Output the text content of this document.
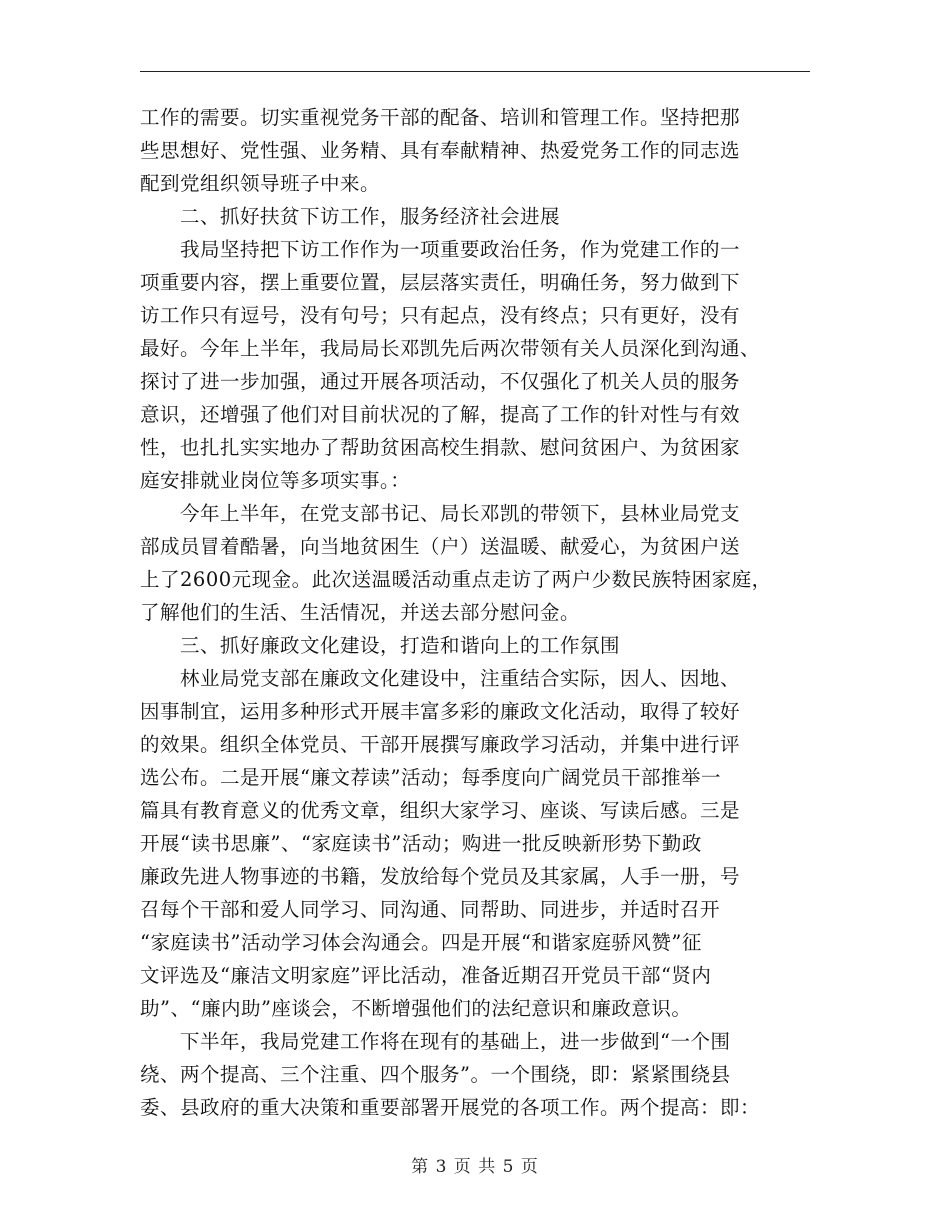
工作的需要。切实重视党务干部的配备、培训和管理工作。坚持把那
些思想好、党性强、业务精、具有奉献精神、热爱党务工作的同志选
配到党组织领导班子中来。
二、抓好扶贫下访工作，服务经济社会进展
我局坚持把下访工作作为一项重要政治任务，作为党建工作的一
项重要内容，摆上重要位置，层层落实责任，明确任务，努力做到下
访工作只有逗号，没有句号；只有起点，没有终点；只有更好，没有
最好。今年上半年，我局局长邓凯先后两次带领有关人员深化到沟通、
探讨了进一步加强，通过开展各项活动，不仅强化了机关人员的服务
意识，还增强了他们对目前状况的了解，提高了工作的针对性与有效
性，也扎扎实实地办了帮助贫困高校生捐款、慰问贫困户、为贫困家
庭安排就业岗位等多项实事。：
今年上半年，在党支部书记、局长邓凯的带领下，县林业局党支
部成员冒着酷暑，向当地贫困生（户）送温暖、献爱心，为贫困户送
上了2600元现金。此次送温暖活动重点走访了两户少数民族特困家庭，
了解他们的生活、生活情况，并送去部分慰问金。
三、抓好廉政文化建设，打造和谐向上的工作氛围
林业局党支部在廉政文化建设中，注重结合实际，因人、因地、
因事制宜，运用多种形式开展丰富多彩的廉政文化活动，取得了较好
的效果。组织全体党员、干部开展撰写廉政学习活动，并集中进行评
选公布。二是开展“廉文荐读”活动；每季度向广阔党员干部推举一
篇具有教育意义的优秀文章，组织大家学习、座谈、写读后感。三是
开展“读书思廉”、“家庭读书”活动；购进一批反映新形势下勤政
廉政先进人物事迹的书籍，发放给每个党员及其家属，人手一册，号
召每个干部和爱人同学习、同沟通、同帮助、同进步，并适时召开
“家庭读书”活动学习体会沟通会。四是开展“和谐家庭骄风赞”征
文评选及“廉洁文明家庭”评比活动，准备近期召开党员干部“贤内
助”、“廉内助”座谈会，不断增强他们的法纪意识和廉政意识。
下半年，我局党建工作将在现有的基础上，进一步做到“一个围
绕、两个提高、三个注重、四个服务”。一个围绕，即：紧紧围绕县
委、县政府的重大决策和重要部署开展党的各项工作。两个提高：即：
第 3 页 共 5 页
